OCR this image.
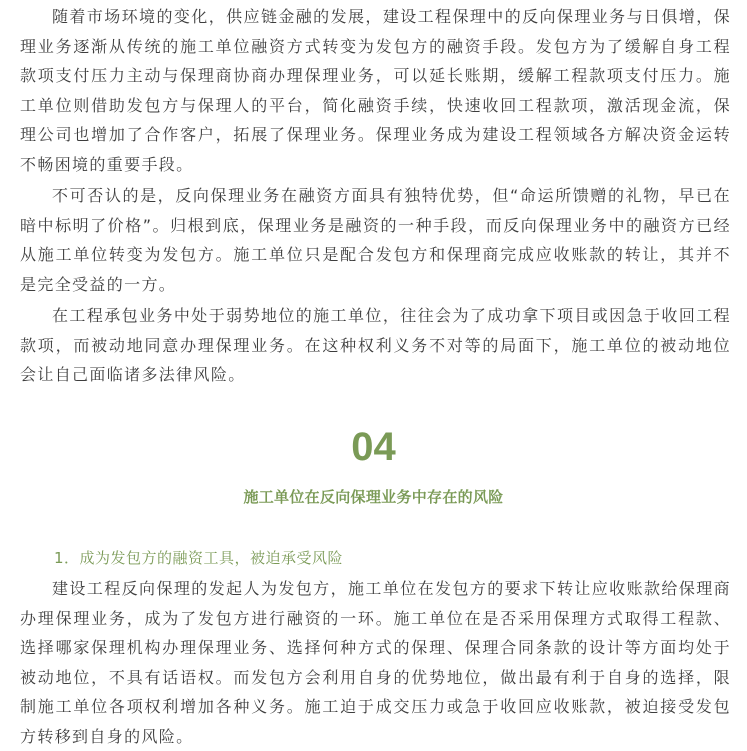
随着市场环境的变化，供应链金融的发展，建设工程保理中的反向保理业务与日俱增，保理业务逐渐从传统的施工单位融资方式转变为发包方的融资手段。发包方为了缓解自身工程款项支付压力主动与保理商协商办理保理业务，可以延长账期，缓解工程款项支付压力。施工单位则借助发包方与保理人的平台，简化融资手续，快速收回工程款项，激活现金流，保理公司也增加了合作客户，拓展了保理业务。保理业务成为建设工程领域各方解决资金运转不畅困境的重要手段。

不可否认的是，反向保理业务在融资方面具有独特优势，但“命运所馈赠的礼物，早已在暗中标明了价格”。归根到底，保理业务是融资的一种手段，而反向保理业务中的融资方已经从施工单位转变为发包方。施工单位只是配合发包方和保理商完成应收账款的转让，其并不是完全受益的一方。

在工程承包业务中处于弱势地位的施工单位，往往会为了成功拿下项目或因急于收回工程款项，而被动地同意办理保理业务。在这种权利义务不对等的局面下，施工单位的被动地位会让自己面临诸多法律风险。

04
施工单位在反向保理业务中存在的风险

1．成为发包方的融资工具，被迫承受风险

建设工程反向保理的发起人为发包方，施工单位在发包方的要求下转让应收账款给保理商办理保理业务，成为了发包方进行融资的一环。施工单位在是否采用保理方式取得工程款、选择哪家保理机构办理保理业务、选择何种方式的保理、保理合同条款的设计等方面均处于被动地位，不具有话语权。而发包方会利用自身的优势地位，做出最有利于自身的选择，限制施工单位各项权利增加各种义务。施工迫于成交压力或急于收回应收账款，被迫接受发包方转移到自身的风险。
